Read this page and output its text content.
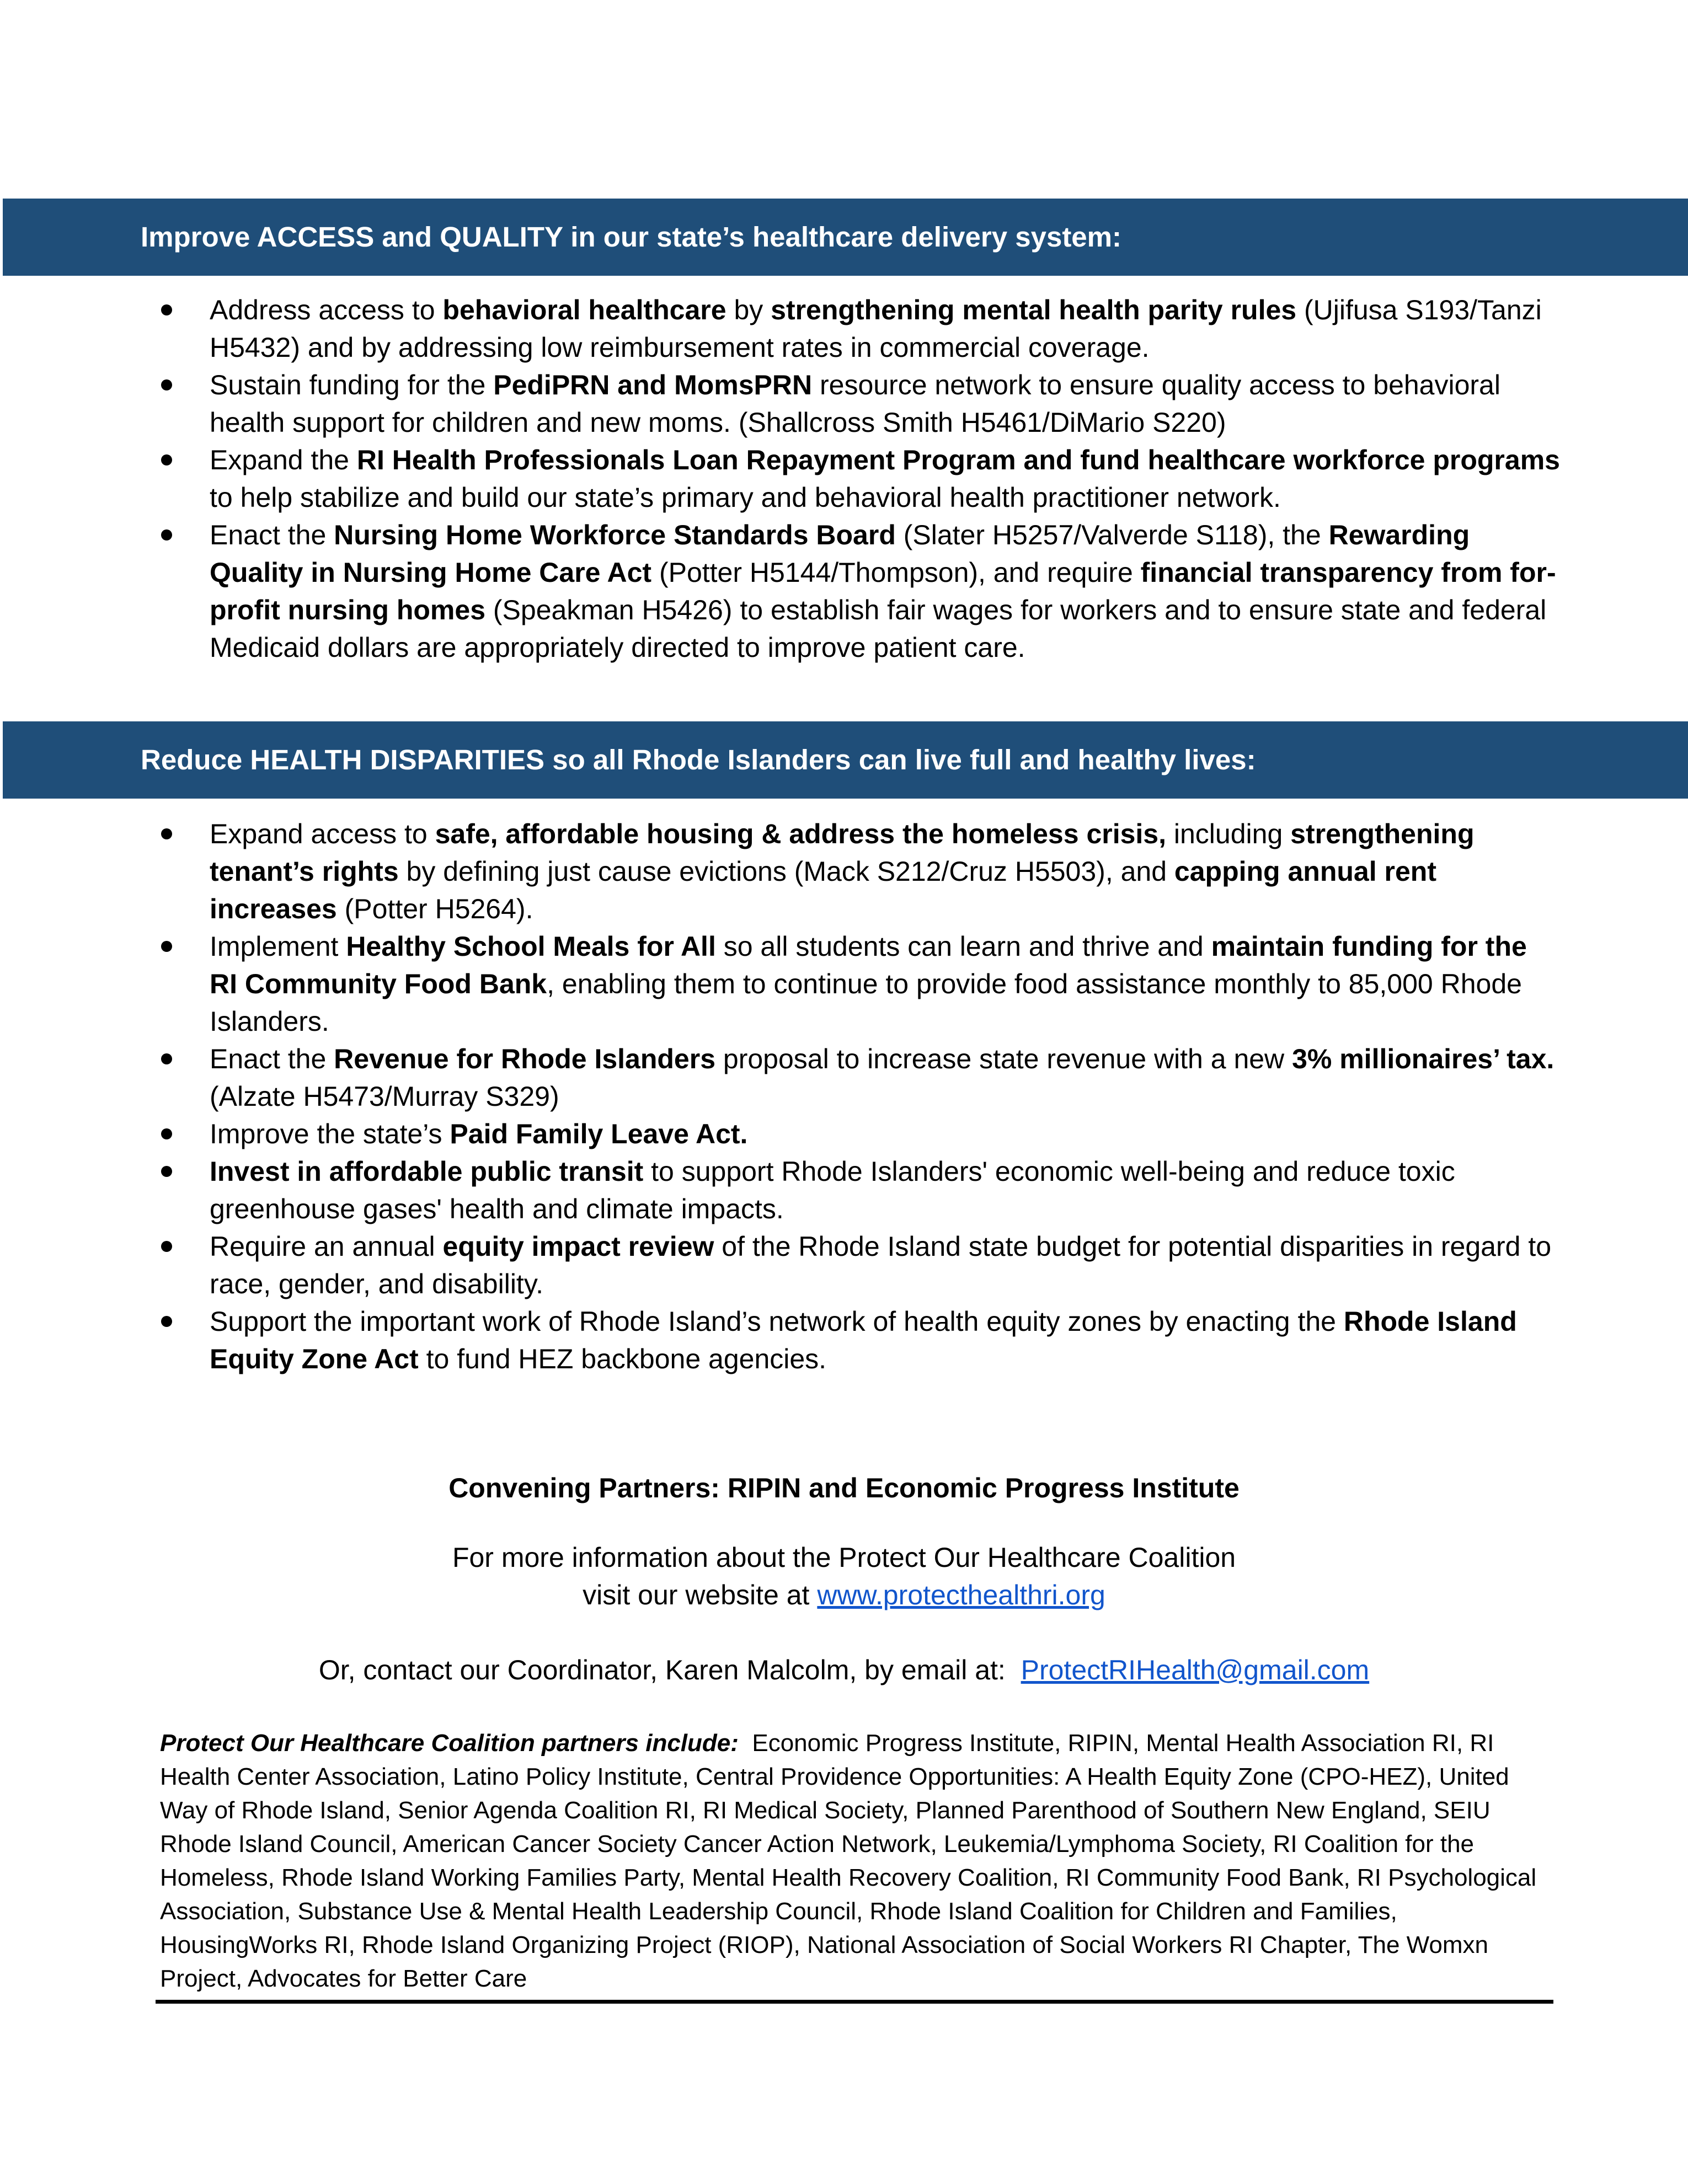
Improve ACCESS and QUALITY in our state’s healthcare delivery system:
Address access to behavioral healthcare by strengthening mental health parity rules (Ujifusa S193/Tanzi H5432) and by addressing low reimbursement rates in commercial coverage.
Sustain funding for the PediPRN and MomsPRN resource network to ensure quality access to behavioral health support for children and new moms. (Shallcross Smith H5461/DiMario S220)
Expand the RI Health Professionals Loan Repayment Program and fund healthcare workforce programs to help stabilize and build our state’s primary and behavioral health practitioner network.
Enact the Nursing Home Workforce Standards Board (Slater H5257/Valverde S118), the Rewarding Quality in Nursing Home Care Act (Potter H5144/Thompson), and require financial transparency from for-profit nursing homes (Speakman H5426) to establish fair wages for workers and to ensure state and federal Medicaid dollars are appropriately directed to improve patient care.
Reduce HEALTH DISPARITIES so all Rhode Islanders can live full and healthy lives:
Expand access to safe, affordable housing & address the homeless crisis, including strengthening tenant’s rights by defining just cause evictions (Mack S212/Cruz H5503), and capping annual rent increases (Potter H5264).
Implement Healthy School Meals for All so all students can learn and thrive and maintain funding for the RI Community Food Bank, enabling them to continue to provide food assistance monthly to 85,000 Rhode Islanders.
Enact the Revenue for Rhode Islanders proposal to increase state revenue with a new 3% millionaires’ tax. (Alzate H5473/Murray S329)
Improve the state’s Paid Family Leave Act.
Invest in affordable public transit to support Rhode Islanders' economic well-being and reduce toxic greenhouse gases' health and climate impacts.
Require an annual equity impact review of the Rhode Island state budget for potential disparities in regard to race, gender, and disability.
Support the important work of Rhode Island’s network of health equity zones by enacting the Rhode Island Equity Zone Act to fund HEZ backbone agencies.
Convening Partners: RIPIN and Economic Progress Institute
For more information about the Protect Our Healthcare Coalition
visit our website at www.protecthealthri.org
Or, contact our Coordinator, Karen Malcolm, by email at: ProtectRIHealth@gmail.com
Protect Our Healthcare Coalition partners include: Economic Progress Institute, RIPIN, Mental Health Association RI, RI Health Center Association, Latino Policy Institute, Central Providence Opportunities: A Health Equity Zone (CPO-HEZ), United Way of Rhode Island, Senior Agenda Coalition RI, RI Medical Society, Planned Parenthood of Southern New England, SEIU Rhode Island Council, American Cancer Society Cancer Action Network, Leukemia/Lymphoma Society, RI Coalition for the Homeless, Rhode Island Working Families Party, Mental Health Recovery Coalition, RI Community Food Bank, RI Psychological Association, Substance Use & Mental Health Leadership Council, Rhode Island Coalition for Children and Families, HousingWorks RI, Rhode Island Organizing Project (RIOP), National Association of Social Workers RI Chapter, The Womxn Project, Advocates for Better Care
